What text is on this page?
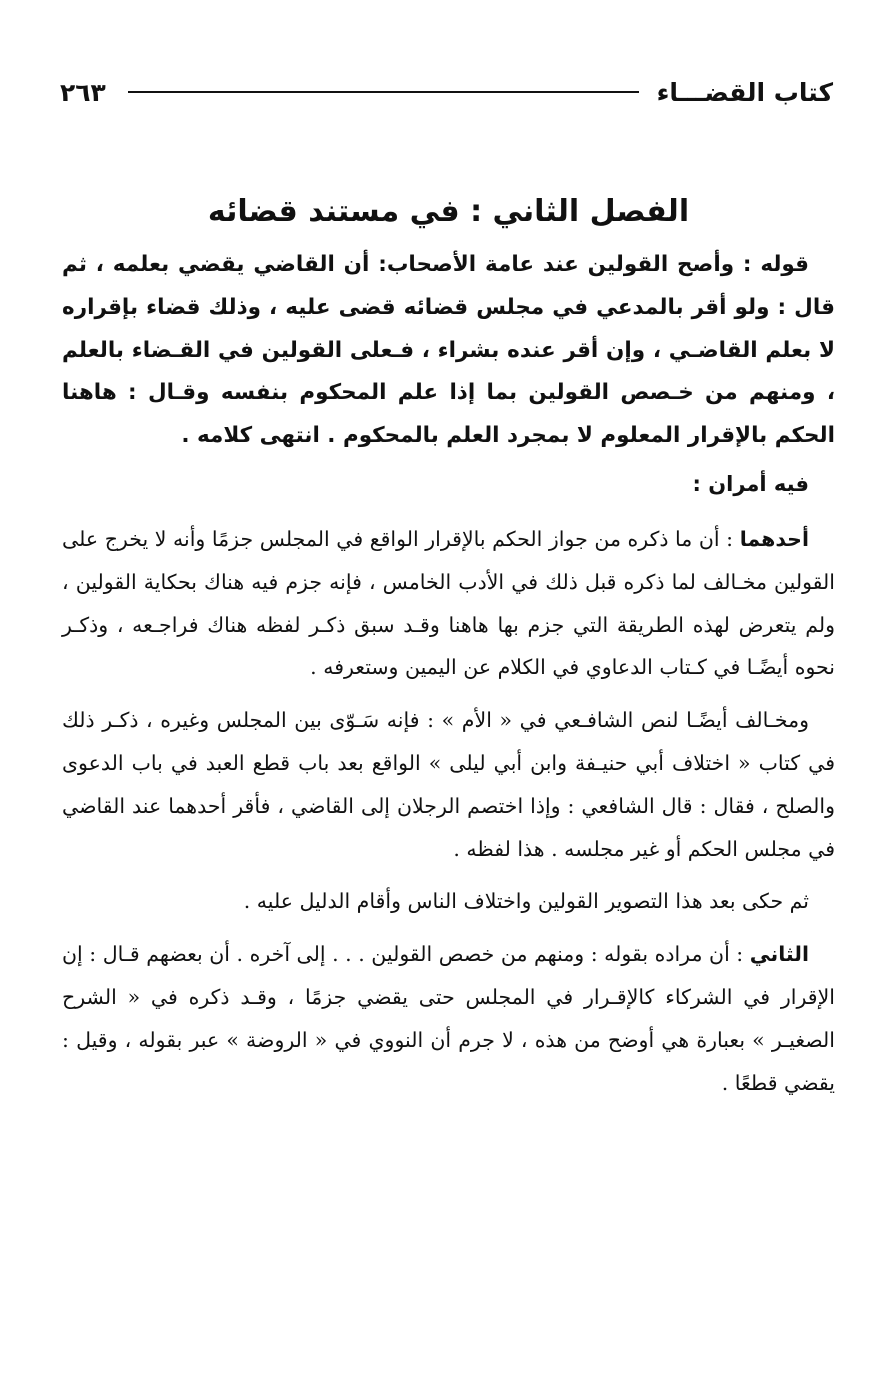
كتاب القضـــاء
٢٦٣
الفصل الثاني : في مستند قضائه

قوله : وأصح القولين عند عامة الأصحاب: أن القاضي يقضي بعلمه ، ثم قال : ولو أقر بالمدعي في مجلس قضائه قضى عليه ، وذلك قضاء بإقراره لا بعلم القاضـي ، وإن أقر عنده بشراء ، فـعلى القولين في القـضاء بالعلم ، ومنهم من خـصص القولين بما إذا علم المحكوم بنفسه وقـال : هاهنا الحكم بالإقرار المعلوم لا بمجرد العلم بالمحكوم . انتهى كلامه .

فيه أمران :

أحدهما : أن ما ذكره من جواز الحكم بالإقرار الواقع في المجلس جزمًا وأنه لا يخرج على القولين مخـالف لما ذكره قبل ذلك في الأدب الخامس ، فإنه جزم فيه هناك بحكاية القولين ، ولم يتعرض لهذه الطريقة التي جزم بها هاهنا وقـد سبق ذكـر لفظه هناك فراجـعه ، وذكـر نحوه أيضًـا في كـتاب الدعاوي في الكلام عن اليمين وستعرفه .

ومخـالف أيضًـا لنص الشافـعي في « الأم » : فإنه سَـوّى بين المجلس وغيره ، ذكـر ذلك في كتاب « اختلاف أبي حنيـفة وابن أبي ليلى » الواقع بعد باب قطع العبد في باب الدعوى والصلح ، فقال : قال الشافعي : وإذا اختصم الرجلان إلى القاضي ، فأقر أحدهما عند القاضي في مجلس الحكم أو غير مجلسه . هذا لفظه .

ثم حكى بعد هذا التصوير القولين واختلاف الناس وأقام الدليل عليه .

الثاني : أن مراده بقوله : ومنهم من خصص القولين . . . إلى آخره . أن بعضهم قـال : إن الإقرار في الشركاء كالإقـرار في المجلس حتى يقضي جزمًا ، وقـد ذكره في « الشرح الصغيـر » بعبارة هي أوضح من هذه ، لا جرم أن النووي في « الروضة » عبر بقوله ، وقيل : يقضي قطعًا .
